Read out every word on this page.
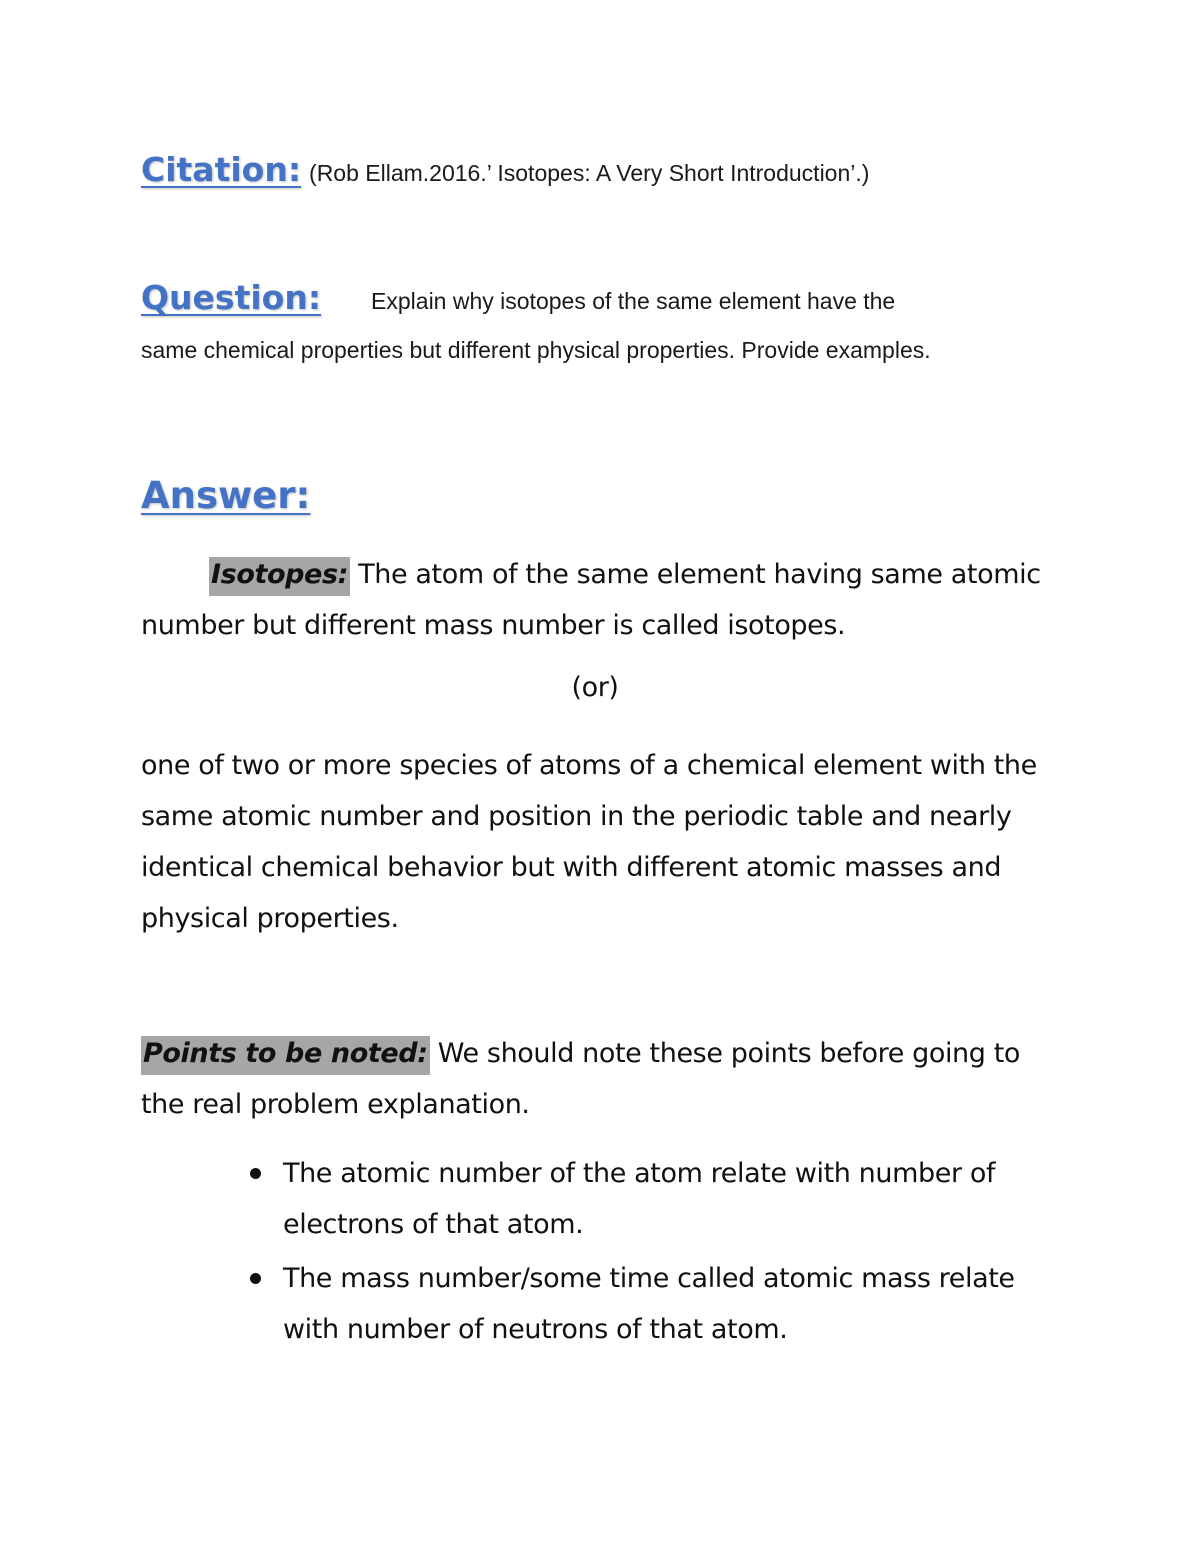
Citation: (Rob Ellam.2016.’ Isotopes: A Very Short Introduction’.)
Question: Explain why isotopes of the same element have the
same chemical properties but different physical properties. Provide examples.
Answer:
Isotopes: The atom of the same element having same atomic number but different mass number is called isotopes.
(or)
one of two or more species of atoms of a chemical element with the same atomic number and position in the periodic table and nearly identical chemical behavior but with different atomic masses and physical properties.
Points to be noted: We should note these points before going to the real problem explanation.
The atomic number of the atom relate with number of electrons of that atom.
The mass number/some time called atomic mass relate with number of neutrons of that atom.
